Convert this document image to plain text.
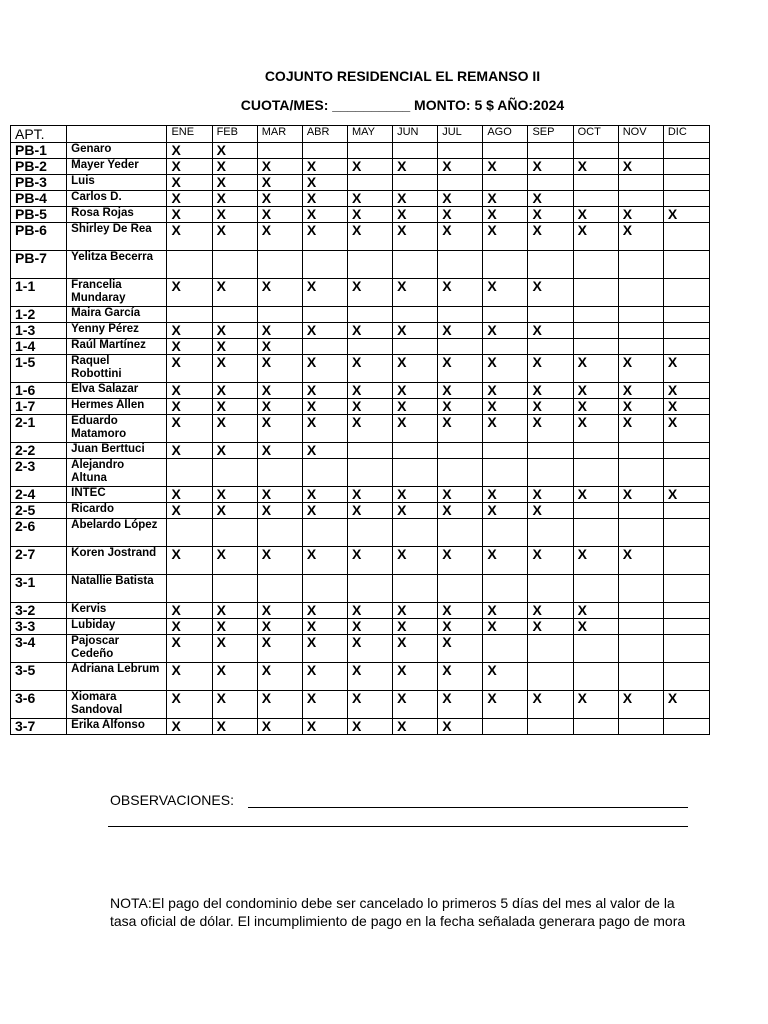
COJUNTO RESIDENCIAL EL REMANSO II
CUOTA/MES: __________ MONTO: 5 $ AÑO:2024
APT.		ENE	FEB	MAR	ABR	MAY	JUN	JUL	AGO	SEP	OCT	NOV	DIC
PB-1	Genaro	X	X										
PB-2	Mayer Yeder	X	X	X	X	X	X	X	X	X	X	X	
PB-3	Luis	X	X	X	X								
PB-4	Carlos D.	X	X	X	X	X	X	X	X	X			
PB-5	Rosa Rojas	X	X	X	X	X	X	X	X	X	X	X	X
PB-6	Shirley De Rea	X	X	X	X	X	X	X	X	X	X	X	
PB-7	Yelitza Becerra												
1-1	Francelia Mundaray	X	X	X	X	X	X	X	X	X			
1-2	Maira García												
1-3	Yenny Pérez	X	X	X	X	X	X	X	X	X			
1-4	Raúl Martínez	X	X	X									
1-5	Raquel Robottini	X	X	X	X	X	X	X	X	X	X	X	X
1-6	Elva Salazar	X	X	X	X	X	X	X	X	X	X	X	X
1-7	Hermes Allen	X	X	X	X	X	X	X	X	X	X	X	X
2-1	Eduardo Matamoro	X	X	X	X	X	X	X	X	X	X	X	X
2-2	Juan Berttuci	X	X	X	X								
2-3	Alejandro Altuna												
2-4	INTEC	X	X	X	X	X	X	X	X	X	X	X	X
2-5	Ricardo	X	X	X	X	X	X	X	X	X			
2-6	Abelardo López												
2-7	Koren Jostrand	X	X	X	X	X	X	X	X	X	X	X	
3-1	Natallie Batista												
3-2	Kervis	X	X	X	X	X	X	X	X	X	X		
3-3	Lubiday	X	X	X	X	X	X	X	X	X	X		
3-4	Pajoscar Cedeño	X	X	X	X	X	X	X					
3-5	Adriana Lebrum	X	X	X	X	X	X	X	X				
3-6	Xiomara Sandoval	X	X	X	X	X	X	X	X	X	X	X	X
3-7	Erika Alfonso	X	X	X	X	X	X	X					
OBSERVACIONES:
NOTA:El pago del condominio debe ser cancelado lo primeros 5 días del mes al valor de la tasa oficial de dólar. El incumplimiento de pago en la fecha señalada generara pago de mora
